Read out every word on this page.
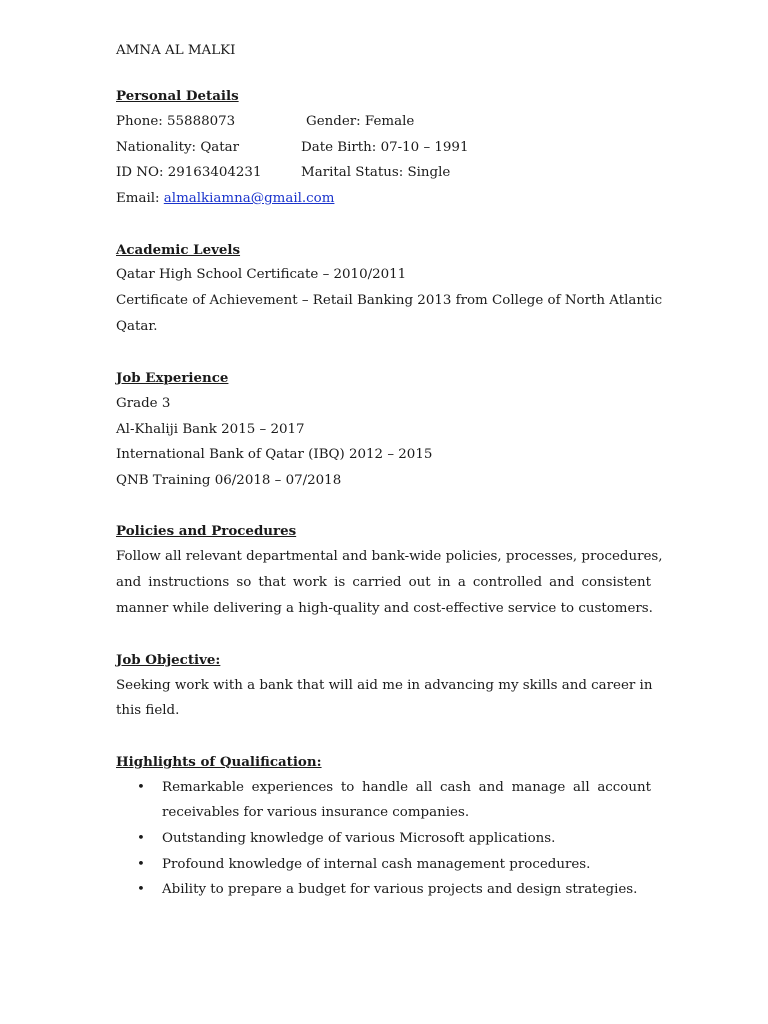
AMNA AL MALKI
Personal Details
Phone: 55888073	Gender: Female
Nationality: Qatar	Date Birth: 07-10 – 1991
ID NO: 29163404231	Marital Status: Single
Email: almalkiamna@gmail.com
Academic Levels
Qatar High School Certificate – 2010/2011
Certificate of Achievement – Retail Banking 2013 from College of North Atlantic
Qatar.
Job Experience
Grade 3
Al-Khaliji Bank 2015 – 2017
International Bank of Qatar (IBQ) 2012 – 2015
QNB Training 06/2018 – 07/2018
Policies and Procedures
Follow all relevant departmental and bank-wide policies, processes, procedures,
and instructions so that work is carried out in a controlled and consistent
manner while delivering a high-quality and cost-effective service to customers.
Job Objective:
Seeking work with a bank that will aid me in advancing my skills and career in
this field.
Highlights of Qualification:
• Remarkable experiences to handle all cash and manage all account
receivables for various insurance companies.
• Outstanding knowledge of various Microsoft applications.
• Profound knowledge of internal cash management procedures.
• Ability to prepare a budget for various projects and design strategies.
